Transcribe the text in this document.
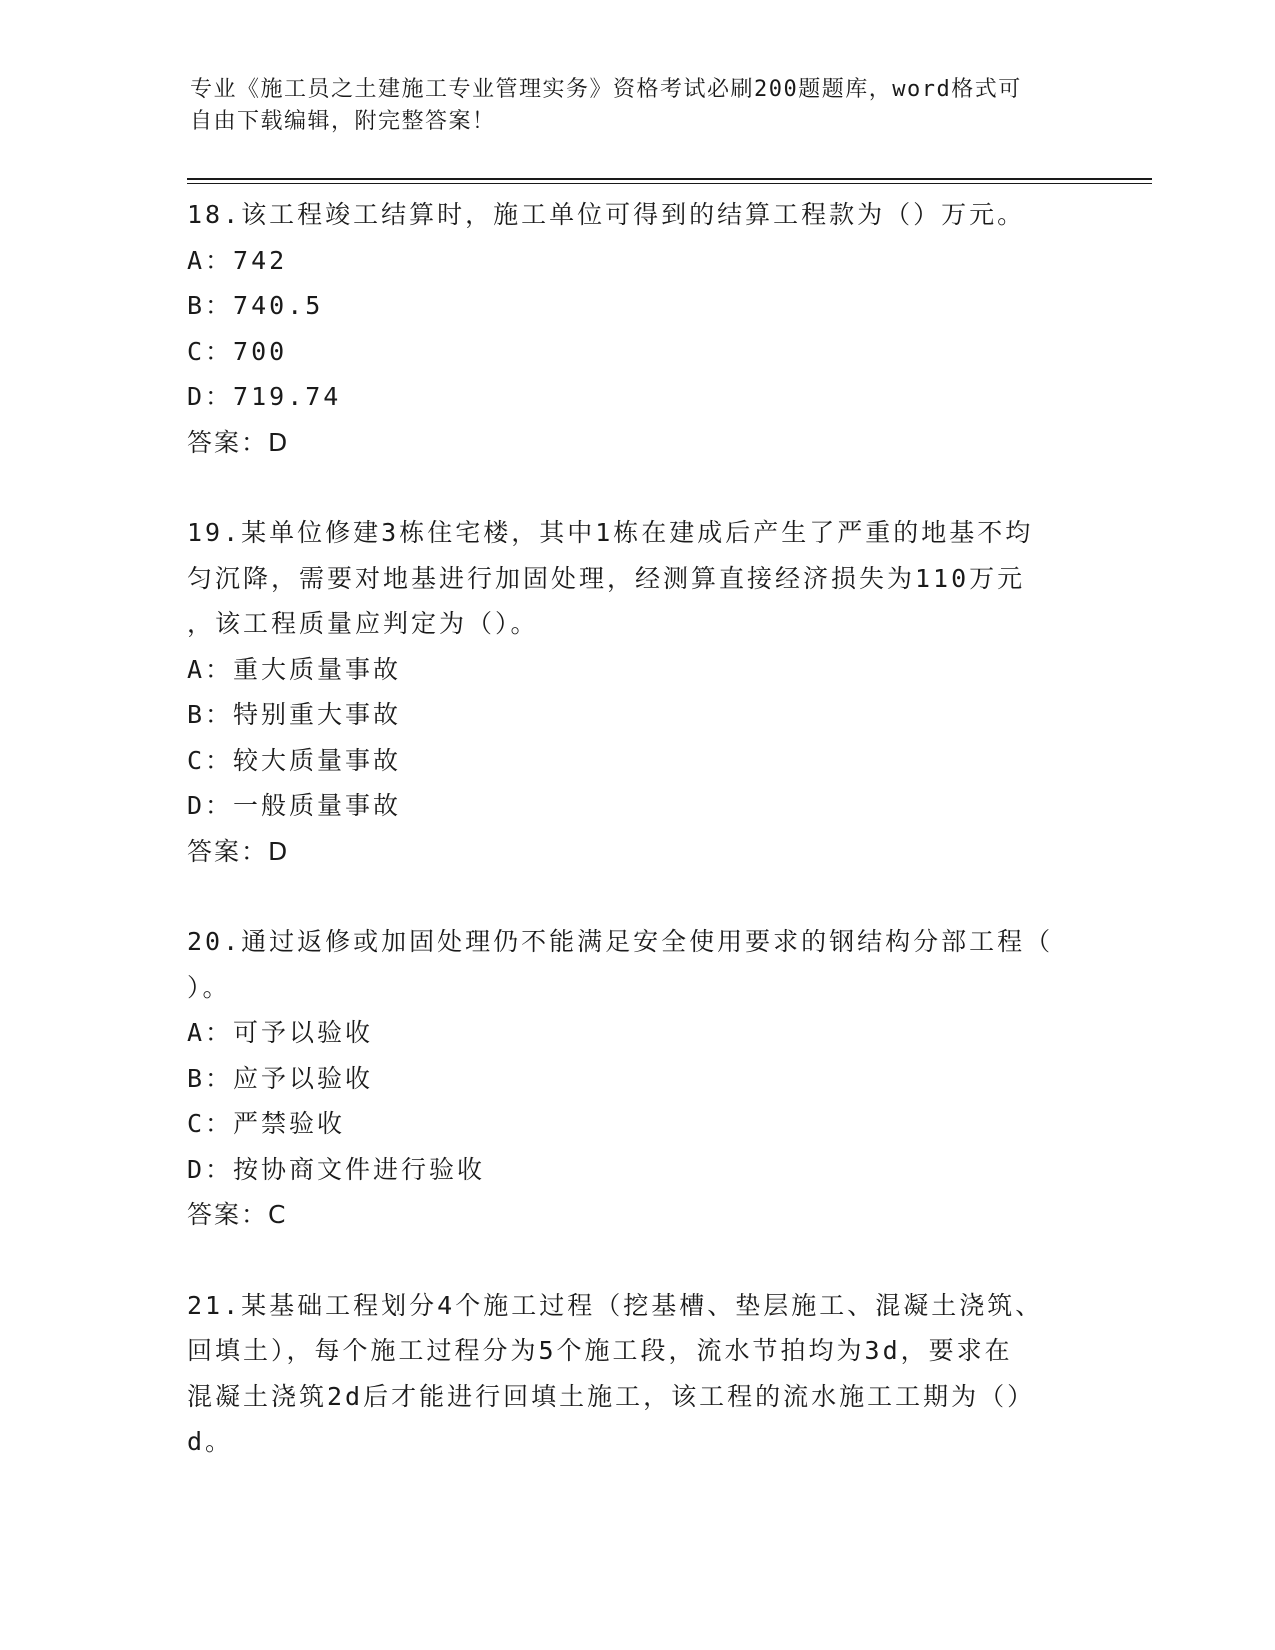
专业《施工员之土建施工专业管理实务》资格考试必刷200题题库，word格式可
自由下载编辑，附完整答案！
18.该工程竣工结算时，施工单位可得到的结算工程款为（）万元。
A：742
B：740.5
C：700
D：719.74
答案：D
19.某单位修建3栋住宅楼，其中1栋在建成后产生了严重的地基不均
匀沉降，需要对地基进行加固处理，经测算直接经济损失为110万元
，该工程质量应判定为（）。
A：重大质量事故
B：特别重大事故
C：较大质量事故
D：一般质量事故
答案：D
20.通过返修或加固处理仍不能满足安全使用要求的钢结构分部工程（
）。
A：可予以验收
B：应予以验收
C：严禁验收
D：按协商文件进行验收
答案：C
21.某基础工程划分4个施工过程（挖基槽、垫层施工、混凝土浇筑、
回填土），每个施工过程分为5个施工段，流水节拍均为3d，要求在
混凝土浇筑2d后才能进行回填土施工，该工程的流水施工工期为（）
d。
